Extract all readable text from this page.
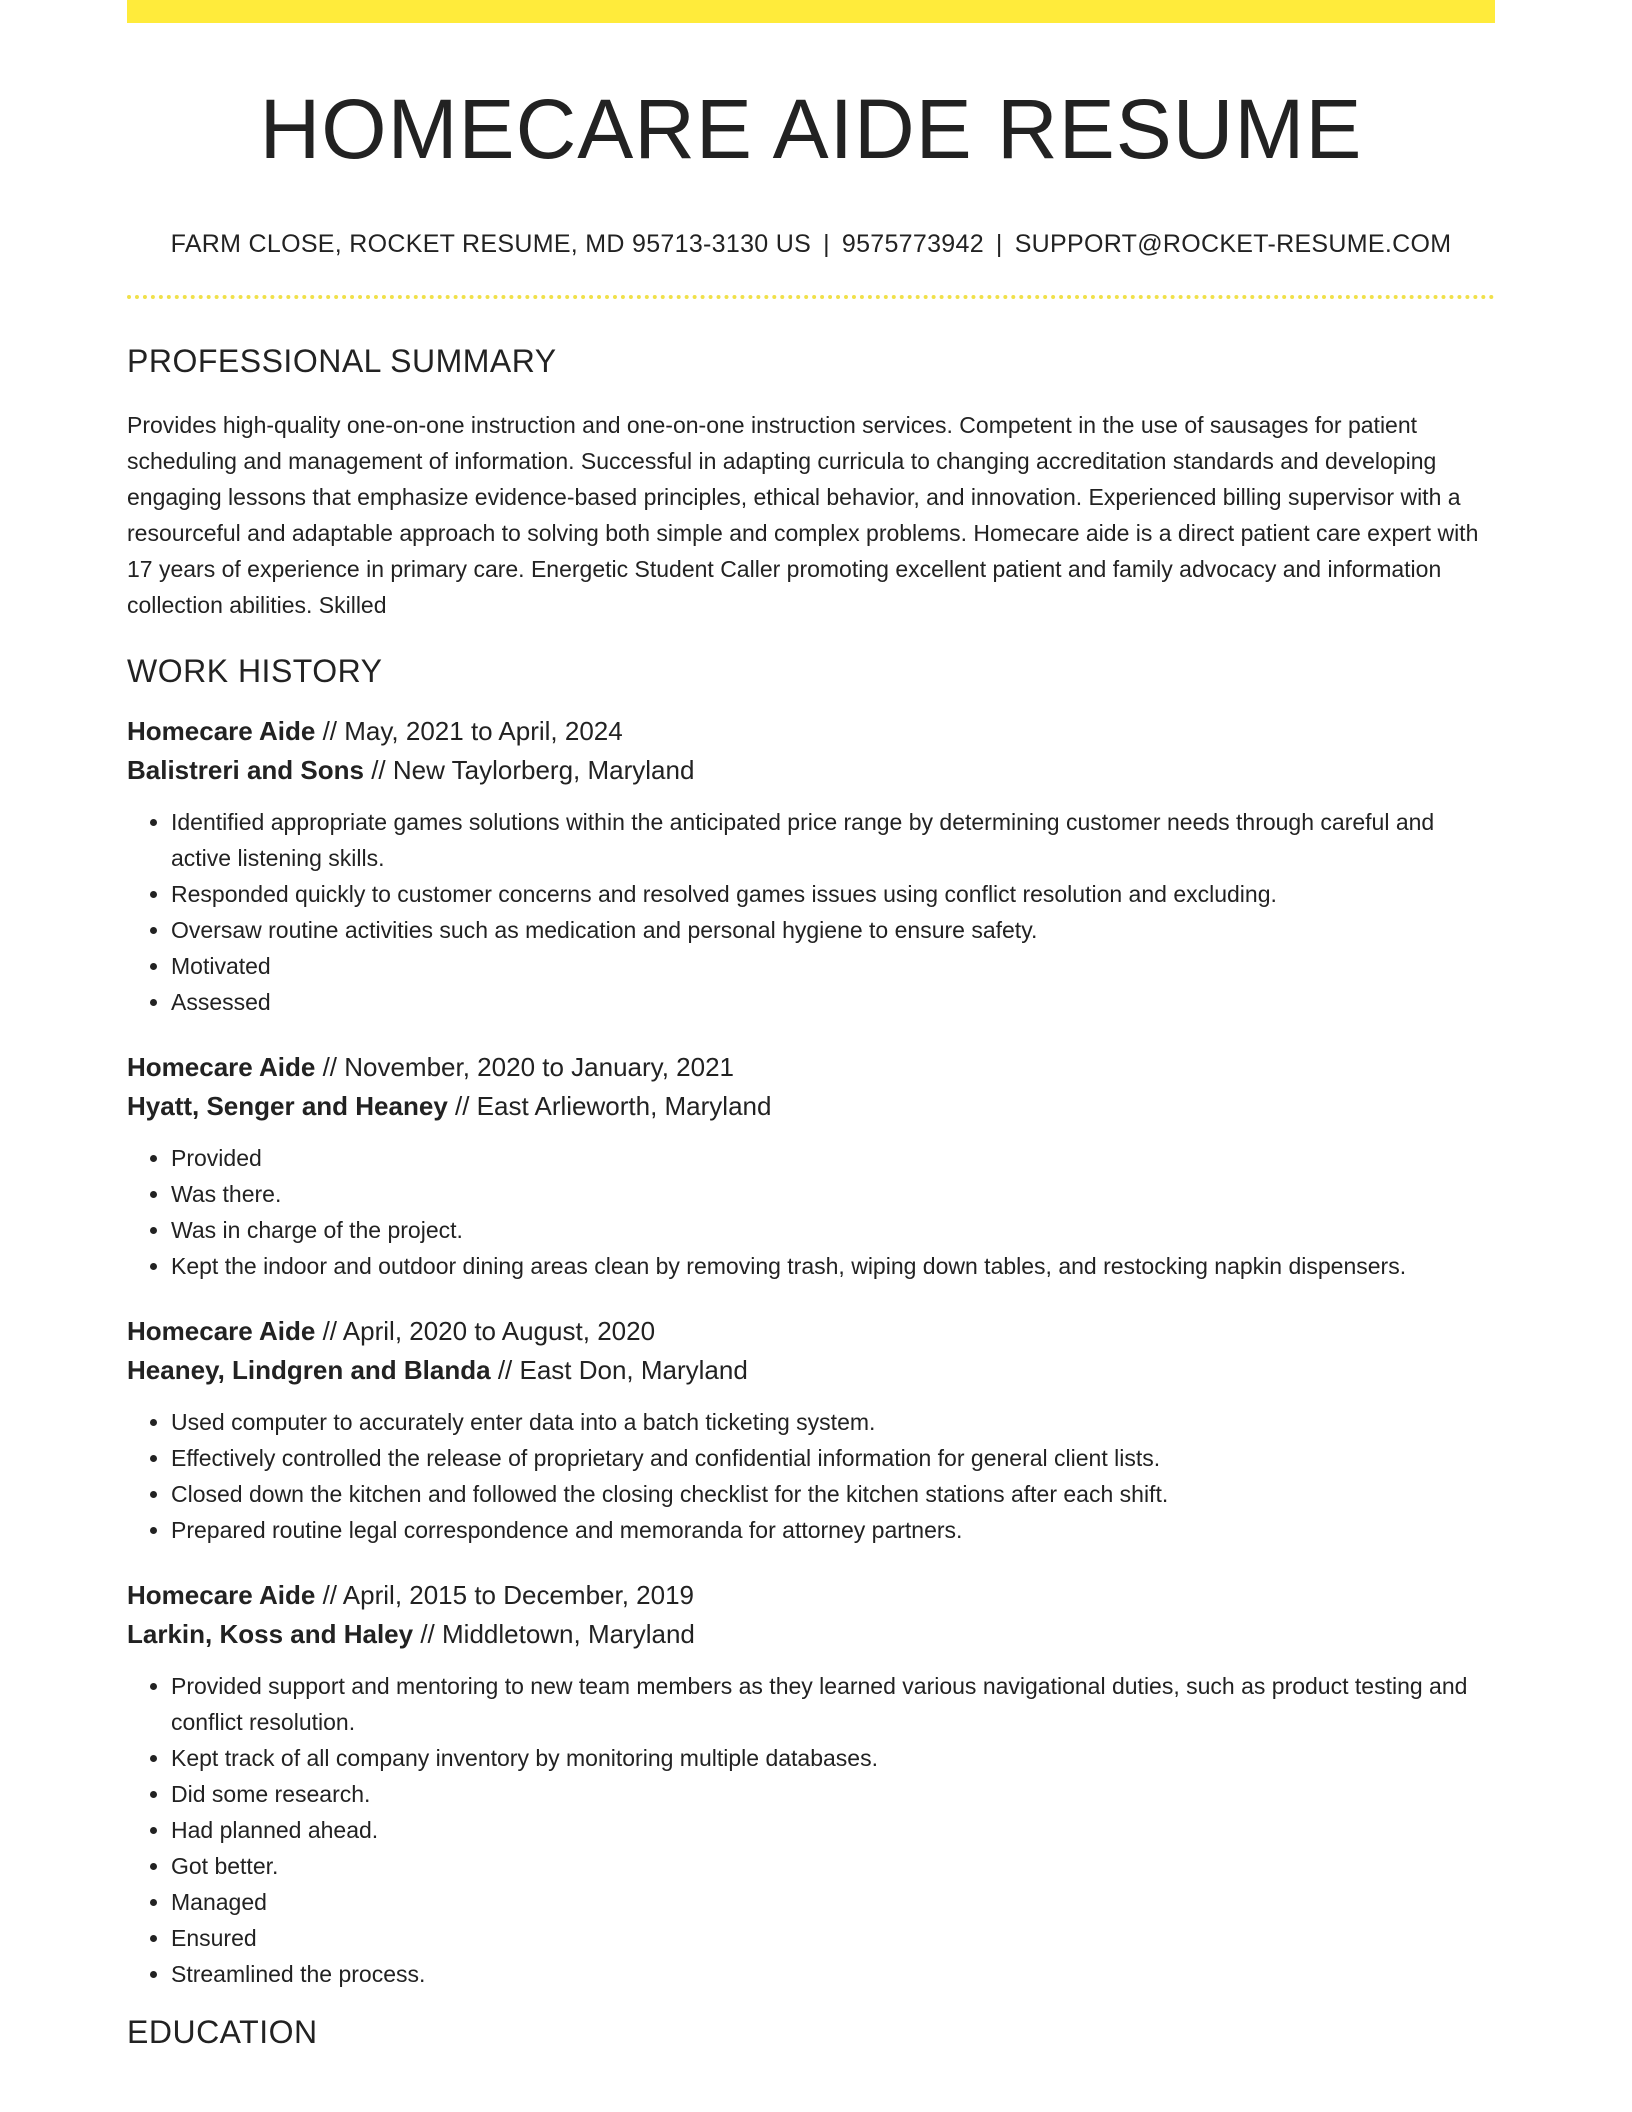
HOMECARE AIDE RESUME
FARM CLOSE, ROCKET RESUME, MD 95713-3130 US | 9575773942 | SUPPORT@ROCKET-RESUME.COM
PROFESSIONAL SUMMARY
Provides high-quality one-on-one instruction and one-on-one instruction services. Competent in the use of sausages for patient scheduling and management of information. Successful in adapting curricula to changing accreditation standards and developing engaging lessons that emphasize evidence-based principles, ethical behavior, and innovation. Experienced billing supervisor with a resourceful and adaptable approach to solving both simple and complex problems. Homecare aide is a direct patient care expert with 17 years of experience in primary care. Energetic Student Caller promoting excellent patient and family advocacy and information collection abilities. Skilled
WORK HISTORY
Homecare Aide // May, 2021 to April, 2024
Balistreri and Sons // New Taylorberg, Maryland
• Identified appropriate games solutions within the anticipated price range by determining customer needs through careful and active listening skills.
• Responded quickly to customer concerns and resolved games issues using conflict resolution and excluding.
• Oversaw routine activities such as medication and personal hygiene to ensure safety.
• Motivated
• Assessed
Homecare Aide // November, 2020 to January, 2021
Hyatt, Senger and Heaney // East Arlieworth, Maryland
• Provided
• Was there.
• Was in charge of the project.
• Kept the indoor and outdoor dining areas clean by removing trash, wiping down tables, and restocking napkin dispensers.
Homecare Aide // April, 2020 to August, 2020
Heaney, Lindgren and Blanda // East Don, Maryland
• Used computer to accurately enter data into a batch ticketing system.
• Effectively controlled the release of proprietary and confidential information for general client lists.
• Closed down the kitchen and followed the closing checklist for the kitchen stations after each shift.
• Prepared routine legal correspondence and memoranda for attorney partners.
Homecare Aide // April, 2015 to December, 2019
Larkin, Koss and Haley // Middletown, Maryland
• Provided support and mentoring to new team members as they learned various navigational duties, such as product testing and conflict resolution.
• Kept track of all company inventory by monitoring multiple databases.
• Did some research.
• Had planned ahead.
• Got better.
• Managed
• Ensured
• Streamlined the process.
EDUCATION
